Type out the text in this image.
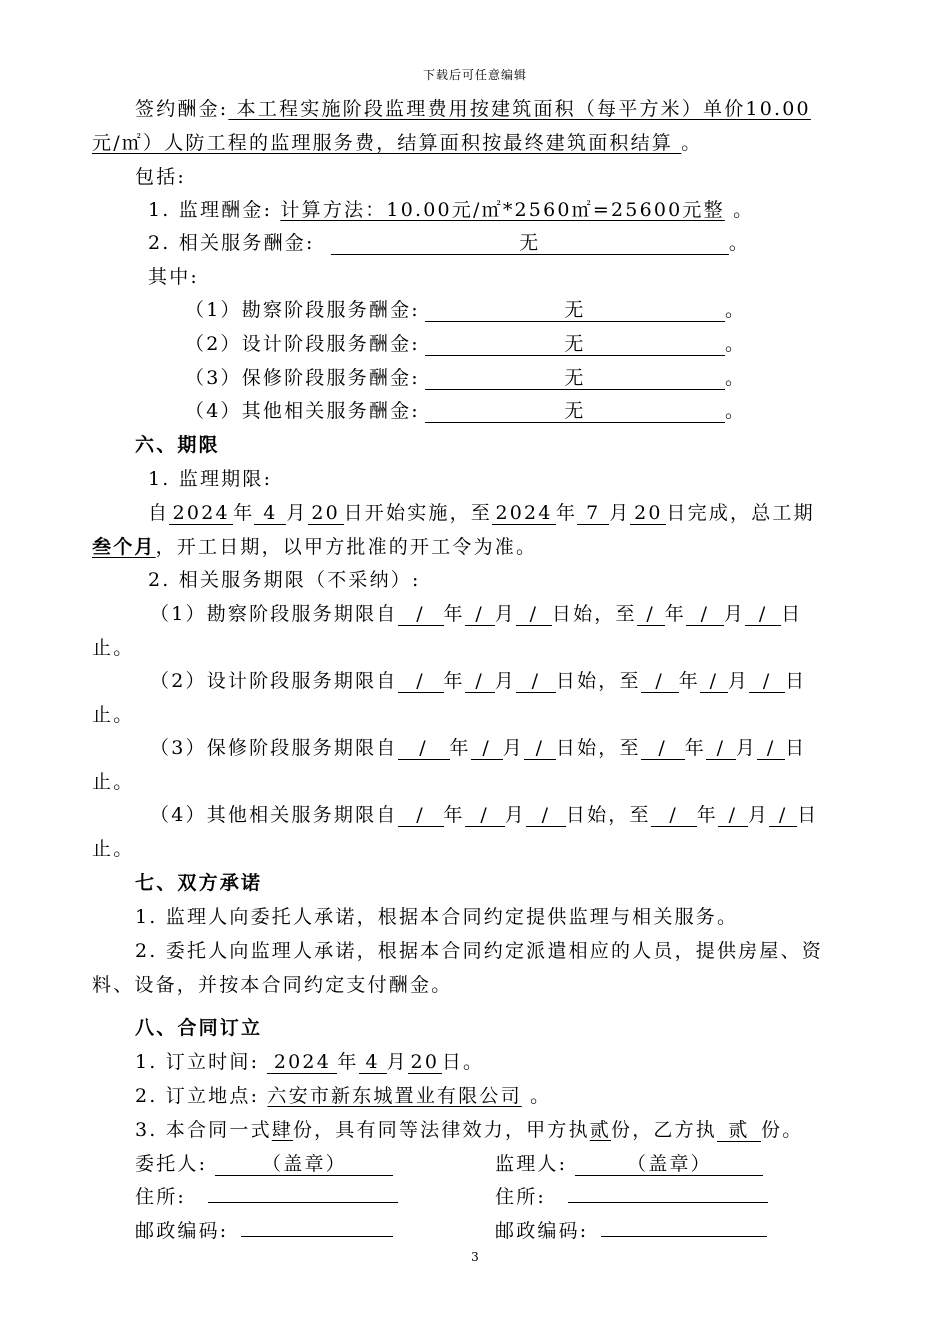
下载后可任意编辑
签约酬金: 本工程实施阶段监理费用按建筑面积（每平方米）单价10.00
元/㎡）人防工程的监理服务费，结算面积按最终建筑面积结算 。
包括:
1. 监理酬金: 计算方法：10.00元/㎡*2560㎡=25600元整 。
2. 相关服务酬金:	无	。
其中:
（1）勘察阶段服务酬金:	无	。
（2）设计阶段服务酬金:	无	。
（3）保修阶段服务酬金:	无	。
（4）其他相关服务酬金:	无	。
六、期限
1. 监理期限:
自 2024 年 4 月 20 日开始实施，至 2024 年 7 月 20 日完成，总工期
叁个月，开工日期，以甲方批准的开工令为准。
2. 相关服务期限（不采纳）:
（1）勘察阶段服务期限自 / 年 / 月 / 日始，至 / 年 / 月 / 日
止。
（2）设计阶段服务期限自 / 年 / 月 / 日始，至 / 年 / 月 / 日
止。
（3）保修阶段服务期限自 / 年 / 月 / 日始，至 / 年 / 月 / 日
止。
（4）其他相关服务期限自 / 年 / 月 / 日始，至 / 年 / 月 / 日
止。
七、双方承诺
1. 监理人向委托人承诺，根据本合同约定提供监理与相关服务。
2. 委托人向监理人承诺，根据本合同约定派遣相应的人员，提供房屋、资
料、设备，并按本合同约定支付酬金。
八、合同订立
1. 订立时间: 2024 年 4 月 20 日。
2. 订立地点: 六安市新东城置业有限公司 。
3. 本合同一式肆份，具有同等法律效力，甲方执贰份，乙方执 贰 份。
委托人:	（盖章）	监理人:	（盖章）
住所:	住所:
邮政编码:	邮政编码:
3
